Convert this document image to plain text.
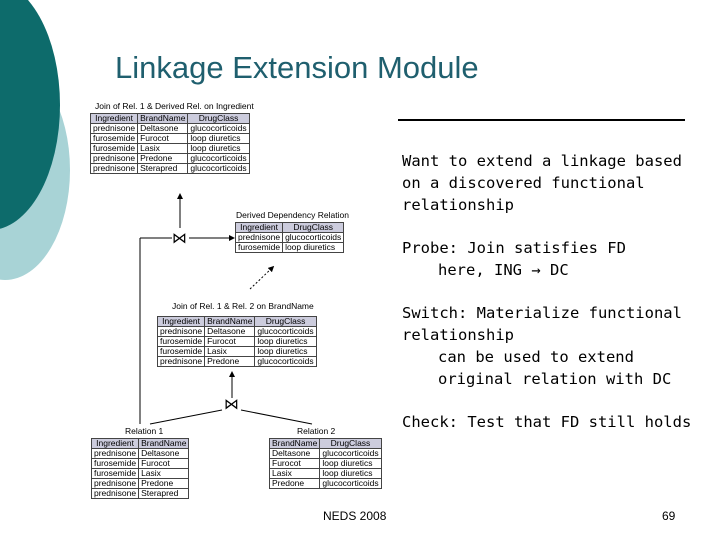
Linkage Extension Module

Want to extend a linkage based

on a discovered functional

relationship

Probe: Join satisfies FD

here, ING → DC

Switch: Materialize functional

relationship

can be used to extend

original relation with DC

Check: Test that FD still holds

Join of Rel. 1 & Derived Rel. on Ingredient
Ingredient	BrandName	DrugClass
prednisone	Deltasone	glucocorticoids
furosemide	Furocot	loop diuretics
furosemide	Lasix	loop diuretics
prednisone	Predone	glucocorticoids
prednisone	Sterapred	glucocorticoids
Derived Dependency Relation
Ingredient	DrugClass
prednisone	glucocorticoids
furosemide	loop diuretics
Join of Rel. 1 & Rel. 2 on BrandName
Ingredient	BrandName	DrugClass
prednisone	Deltasone	glucocorticoids
furosemide	Furocot	loop diuretics
furosemide	Lasix	loop diuretics
prednisone	Predone	glucocorticoids
Relation 1
Ingredient	BrandName
prednisone	Deltasone
furosemide	Furocot
furosemide	Lasix
prednisone	Predone
prednisone	Sterapred
Relation 2
BrandName	DrugClass
Deltasone	glucocorticoids
Furocot	loop diuretics
Lasix	loop diuretics
Predone	glucocorticoids
⋈
⋈
NEDS 2008	69
